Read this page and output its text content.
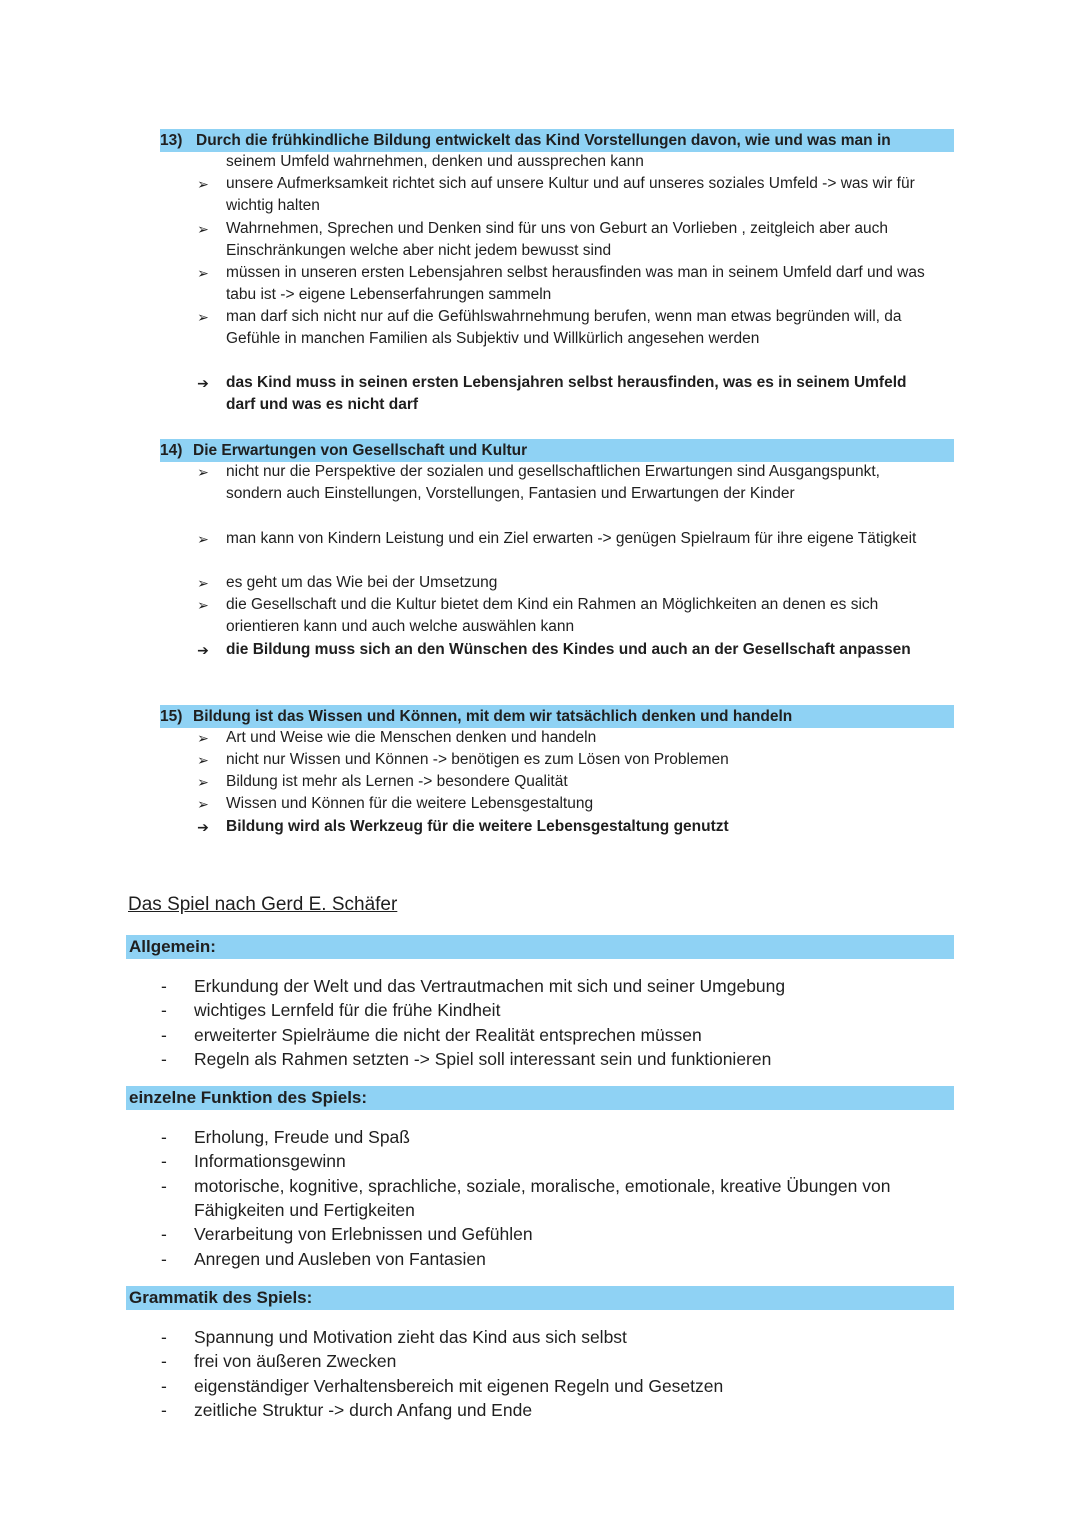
13) Durch die frühkindliche Bildung entwickelt das Kind Vorstellungen davon, wie und was man in
seinem Umfeld wahrnehmen, denken und aussprechen kann
➢ unsere Aufmerksamkeit richtet sich auf unsere Kultur und auf unseres soziales Umfeld -> was wir für wichtig halten
➢ Wahrnehmen, Sprechen und Denken sind für uns von Geburt an Vorlieben , zeitgleich aber auch Einschränkungen welche aber nicht jedem bewusst sind
➢ müssen in unseren ersten Lebensjahren selbst herausfinden was man in seinem Umfeld darf und was tabu ist -> eigene Lebenserfahrungen sammeln
➢ man darf sich nicht nur auf die Gefühlswahrnehmung berufen, wenn man etwas begründen will, da Gefühle in manchen Familien als Subjektiv und Willkürlich angesehen werden
➔ das Kind muss in seinen ersten Lebensjahren selbst herausfinden, was es in seinem Umfeld darf und was es nicht darf
14) Die Erwartungen von Gesellschaft und Kultur
➢ nicht nur die Perspektive der sozialen und gesellschaftlichen Erwartungen sind Ausgangspunkt, sondern auch Einstellungen, Vorstellungen, Fantasien und Erwartungen der Kinder
➢ man kann von Kindern Leistung und ein Ziel erwarten -> genügen Spielraum für ihre eigene Tätigkeit
➢ es geht um das Wie bei der Umsetzung
➢ die Gesellschaft und die Kultur bietet dem Kind ein Rahmen an Möglichkeiten an denen es sich orientieren kann und auch welche auswählen kann
➔ die Bildung muss sich an den Wünschen des Kindes und auch an der Gesellschaft anpassen
15) Bildung ist das Wissen und Können, mit dem wir tatsächlich denken und handeln
➢ Art und Weise wie die Menschen denken und handeln
➢ nicht nur Wissen und Können -> benötigen es zum Lösen von Problemen
➢ Bildung ist mehr als Lernen -> besondere Qualität
➢ Wissen und Können für die weitere Lebensgestaltung
➔ Bildung wird als Werkzeug für die weitere Lebensgestaltung genutzt
Das Spiel nach Gerd E. Schäfer
Allgemein:
- Erkundung der Welt und das Vertrautmachen mit sich und seiner Umgebung
- wichtiges Lernfeld für die frühe Kindheit
- erweiterter Spielräume die nicht der Realität entsprechen müssen
- Regeln als Rahmen setzten -> Spiel soll interessant sein und funktionieren
einzelne Funktion des Spiels:
- Erholung, Freude und Spaß
- Informationsgewinn
- motorische, kognitive, sprachliche, soziale, moralische, emotionale, kreative Übungen von Fähigkeiten und Fertigkeiten
- Verarbeitung von Erlebnissen und Gefühlen
- Anregen und Ausleben von Fantasien
Grammatik des Spiels:
- Spannung und Motivation zieht das Kind aus sich selbst
- frei von äußeren Zwecken
- eigenständiger Verhaltensbereich mit eigenen Regeln und Gesetzen
- zeitliche Struktur -> durch Anfang und Ende
